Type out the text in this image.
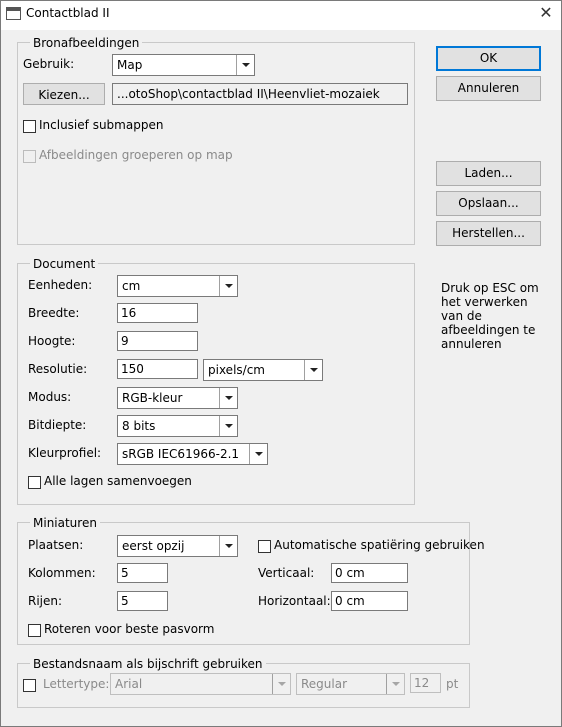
Contactblad II	✕
Bronafbeeldingen
Gebruik:	Map
Kiezen...	...otoShop\contactblad II\Heenvliet-mozaiek
Inclusief submappen
Afbeeldingen groeperen op map
OK
Annuleren
Laden...
Opslaan...
Herstellen...
Druk op ESC om
het verwerken
van de
afbeeldingen te
annuleren
Document
Eenheden:	cm
Breedte:	16
Hoogte:	9
Resolutie:	150	pixels/cm
Modus:	RGB-kleur
Bitdiepte:	8 bits
Kleurprofiel:	sRGB IEC61966-2.1
Alle lagen samenvoegen
Miniaturen
Plaatsen:	eerst opzij	Automatische spatiëring gebruiken
Kolommen:	5	Verticaal:	0 cm
Rijen:	5	Horizontaal: 0 cm
Roteren voor beste pasvorm
Bestandsnaam als bijschrift gebruiken
Lettertype: Arial	Regular	12	pt
